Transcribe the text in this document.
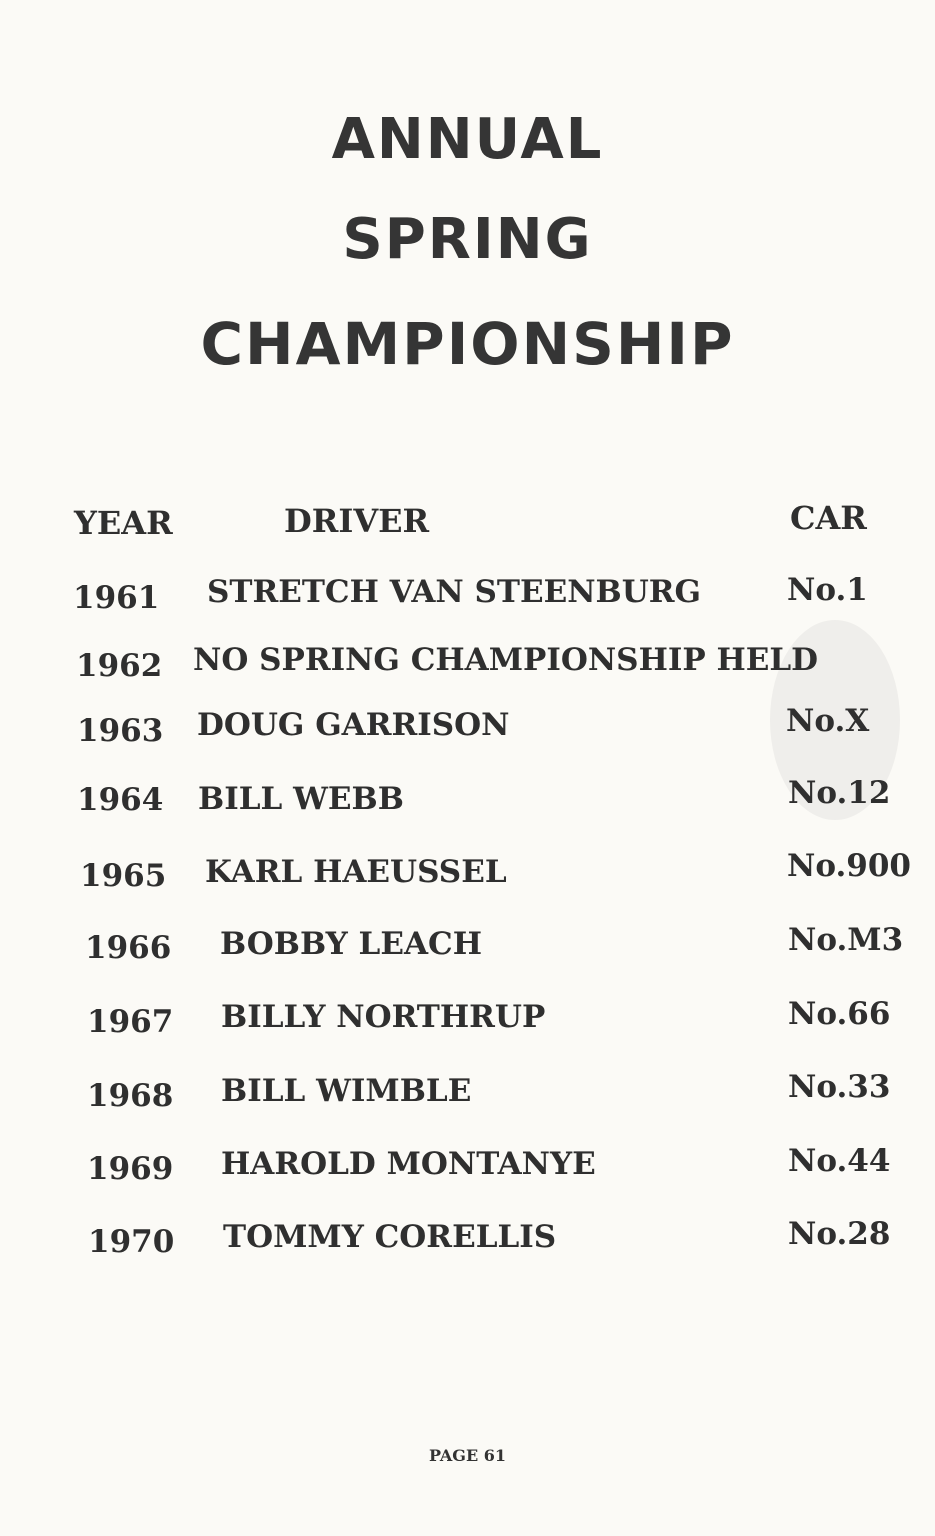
ANNUAL
SPRING
CHAMPIONSHIP
YEAR	DRIVER	CAR
1961 STRETCH VAN STEENBURG	No.1
1962 NO SPRING CHAMPIONSHIP HELD
1963 DOUG GARRISON	No.X
1964 BILL WEBB	No.12
1965 KARL HAEUSSEL	No.900
1966 BOBBY LEACH	No.M3
1967 BILLY NORTHRUP	No.66
1968 BILL WIMBLE	No.33
1969 HAROLD MONTANYE	No.44
1970 TOMMY CORELLIS	No.28
PAGE 61
